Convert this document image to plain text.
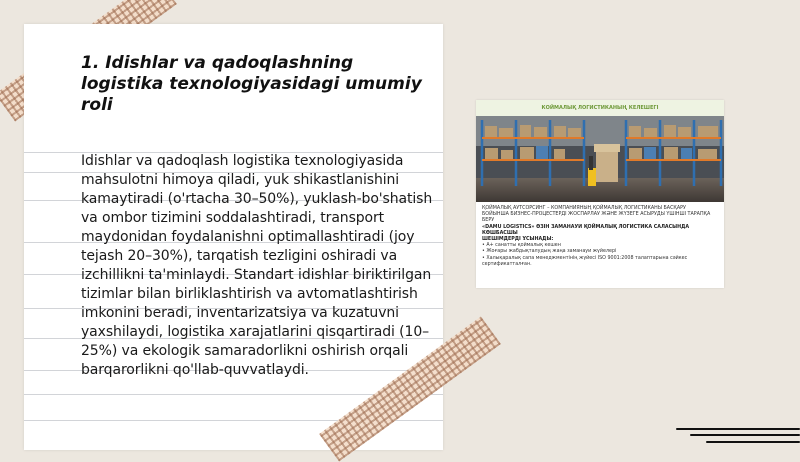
1. Idishlar va qadoqlashning logistika texnologiyasidagi umumiy roli

Idishlar va qadoqlash logistika texnologiyasida mahsulotni himoya qiladi, yuk shikastlanishini kamaytiradi (o'rtacha 30–50%), yuklash-bo'shatish va ombor tizimini soddalashtiradi, transport maydonidan foydalanishni optimallashtiradi (joy tejash 20–30%), tarqatish tezligini oshiradi va izchillikni ta'minlaydi. Standart idishlar biriktirilgan tizimlar bilan birliklashtirish va avtomatlashtirish imkonini beradi, inventarizatsiya va kuzatuvni yaxshilaydi, logistika xarajatlarini qisqartiradi (10–25%) va ekologik samaradorlikni oshirish orqali barqarorlikni qo'llab-quvvatlaydi.

КОЙМАЛЫҚ ЛОГИСТИКАНЫҢ КЕЛЕШЕГІ

ҚОЙМАЛЫҚ АУТСОРСИНГ – КОМПАНИЯНЫҢ ҚОЙМАЛЫҚ ЛОГИСТИКАНЫ БАСҚАРУ

БОЙЫНША БИЗНЕС-ПРОЦЕСТЕРДІ ЖОСПАРЛАУ ЖӘНЕ ЖҮЗЕГЕ АСЫРУДЫ ҮШІНШІ ТАРАПҚА БЕРУ

«DAMU LOGISTICS» ӨЗІН ЗАМАНАУИ ҚОЙМАЛЫҚ ЛОГИСТИКА САЛАСЫНДА КӨШБАСШЫ

ШЕШІМДЕРДІ ҰСЫНАДЫ:

• А+ санатты қоймалық кешен

• Жоғары жабдықталудың жаңа заманауи жүйелері

• Халықаралық сапа менеджментінің жүйесі ISO 9001:2008 талаптарына сәйкес

сертификатталған.
